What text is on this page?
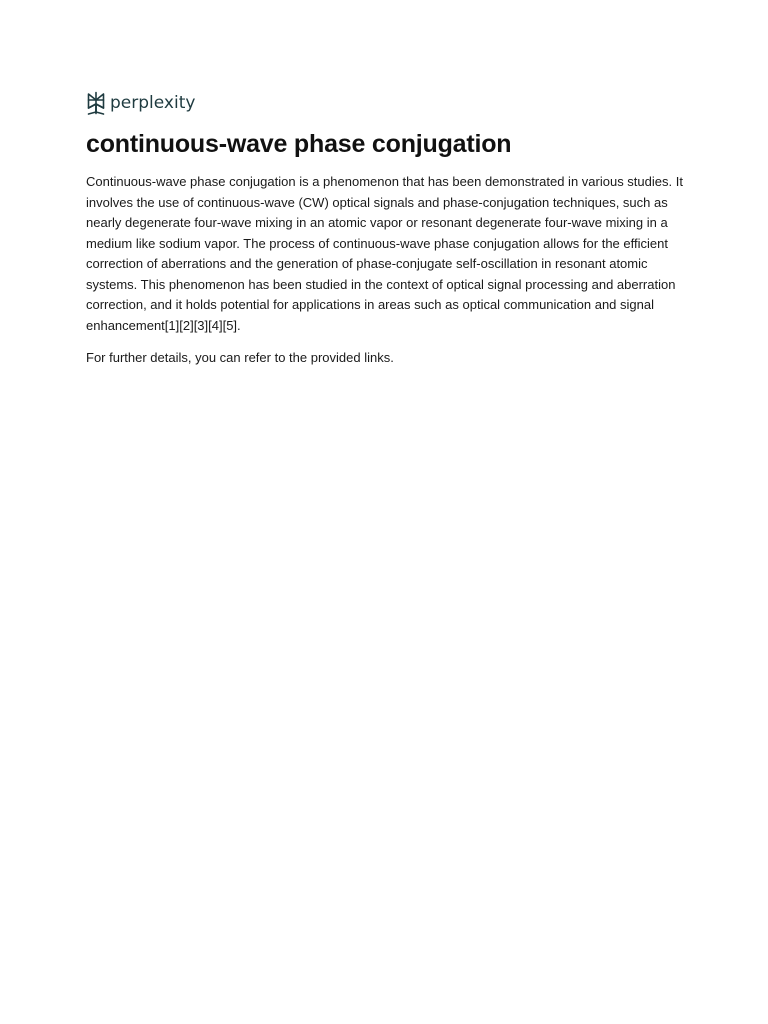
perplexity
continuous-wave phase conjugation

Continuous-wave phase conjugation is a phenomenon that has been demonstrated in various studies. It involves the use of continuous-wave (CW) optical signals and phase-conjugation techniques, such as nearly degenerate four-wave mixing in an atomic vapor or resonant degenerate four-wave mixing in a medium like sodium vapor. The process of continuous-wave phase conjugation allows for the efficient correction of aberrations and the generation of phase-conjugate self-oscillation in resonant atomic systems. This phenomenon has been studied in the context of optical signal processing and aberration correction, and it holds potential for applications in areas such as optical communication and signal enhancement[1][2][3][4][5].

For further details, you can refer to the provided links.
